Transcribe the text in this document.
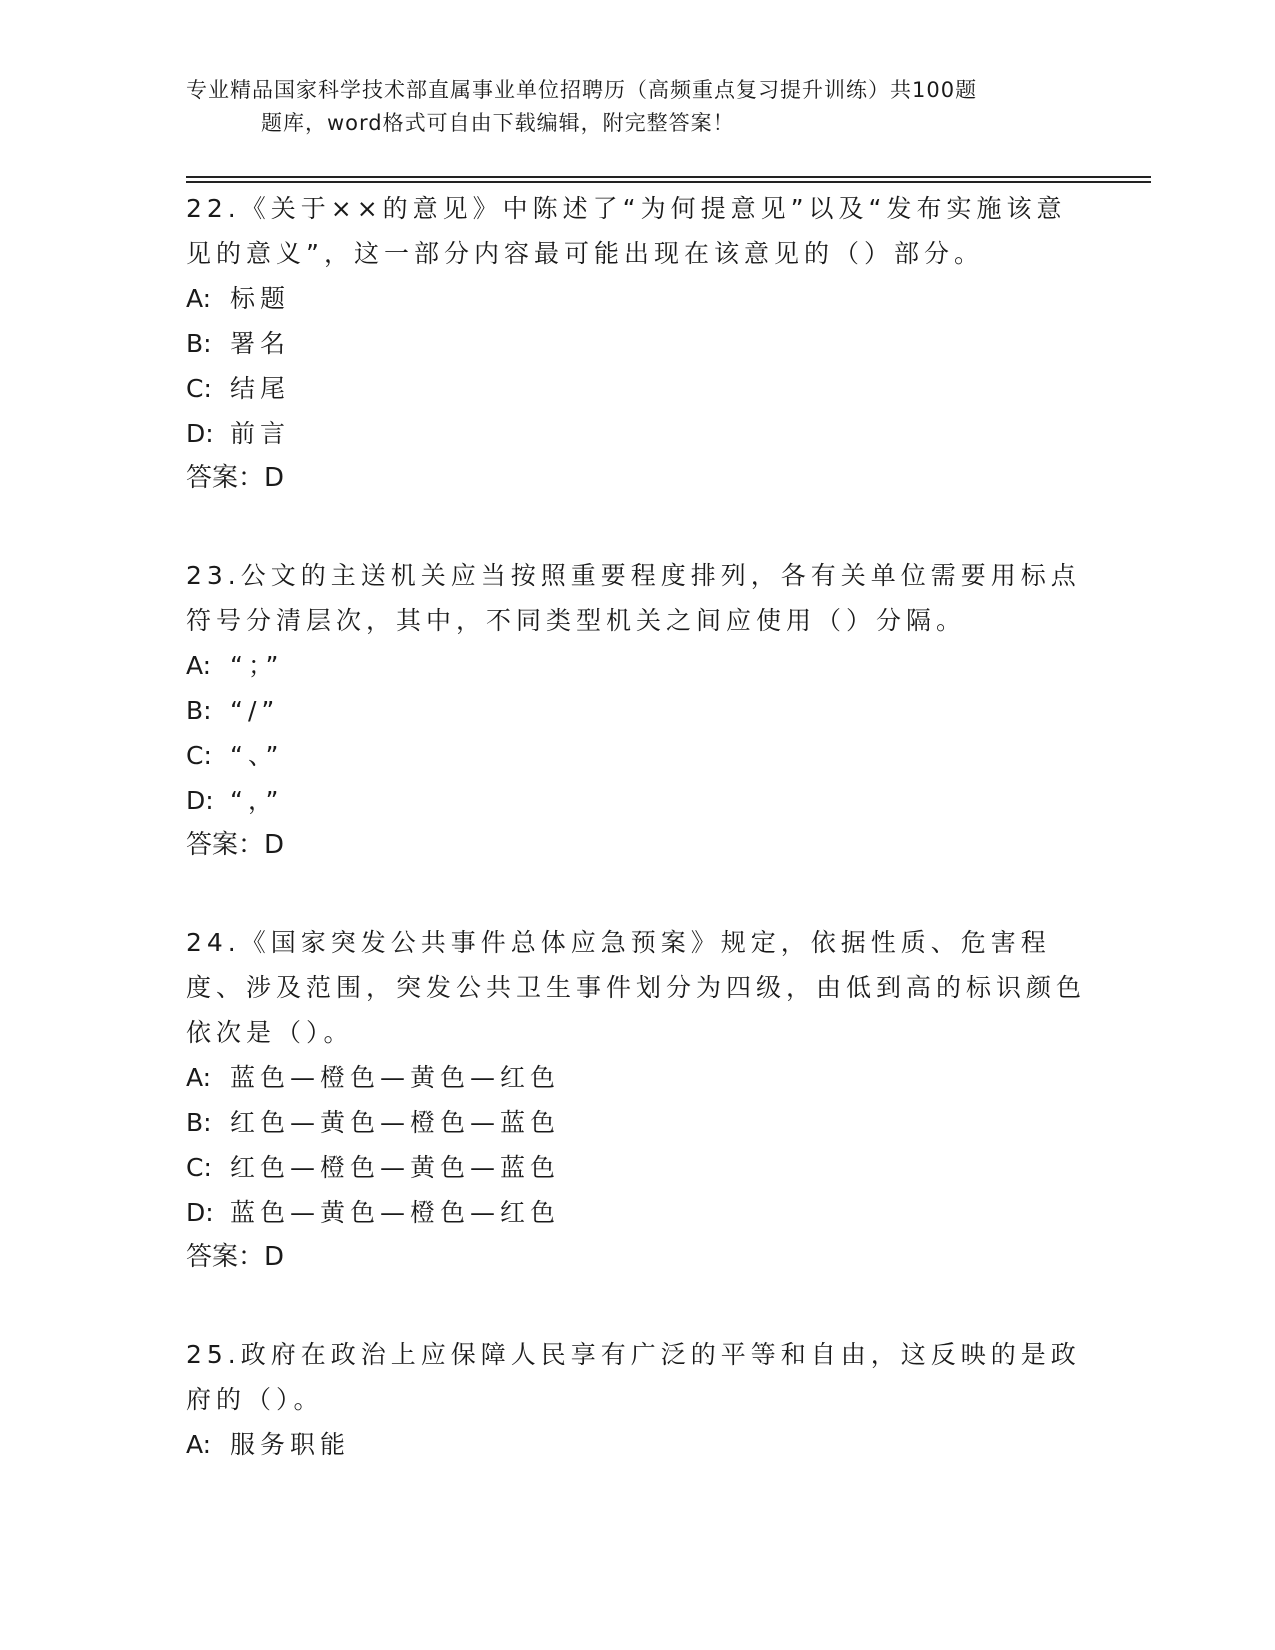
专业精品国家科学技术部直属事业单位招聘历（高频重点复习提升训练）共100题
题库，word格式可自由下载编辑，附完整答案！

22.《关于××的意见》中陈述了“为何提意见”以及“发布实施该意见的意义”，这一部分内容最可能出现在该意见的（）部分。

A: 标题

B: 署名

C: 结尾

D: 前言

答案：D

23.公文的主送机关应当按照重要程度排列，各有关单位需要用标点符号分清层次，其中，不同类型机关之间应使用（）分隔。

A: “；”

B: “/”

C: “、”

D: “，”

答案：D

24.《国家突发公共事件总体应急预案》规定，依据性质、危害程度、涉及范围，突发公共卫生事件划分为四级，由低到高的标识颜色依次是（）。

A: 蓝色—橙色—黄色—红色

B: 红色—黄色—橙色—蓝色

C: 红色—橙色—黄色—蓝色

D: 蓝色—黄色—橙色—红色

答案：D

25.政府在政治上应保障人民享有广泛的平等和自由，这反映的是政府的（）。

A: 服务职能
